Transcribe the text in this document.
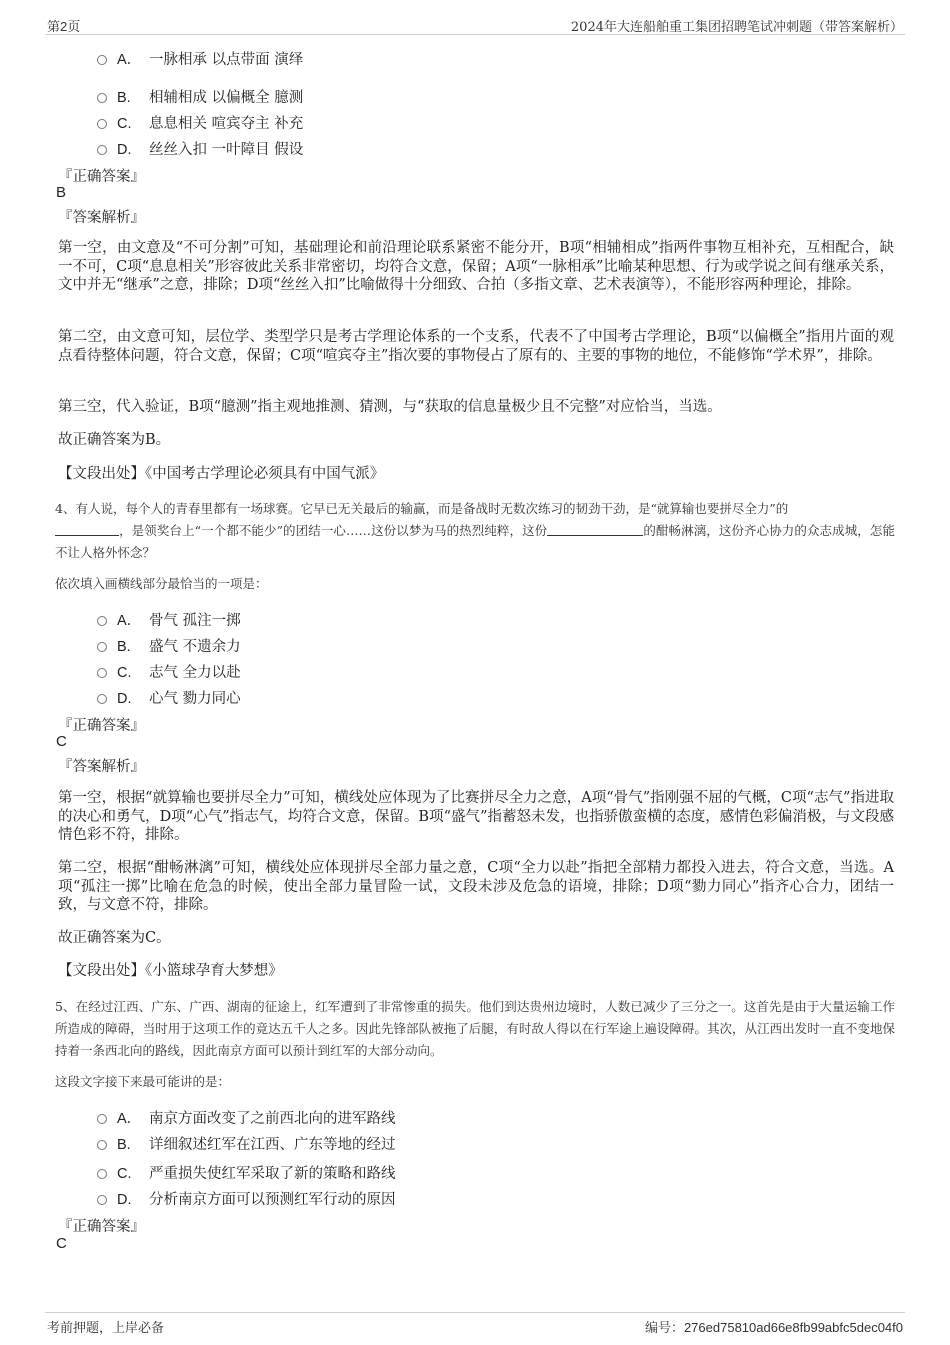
第2页	2024年大连船舶重工集团招聘笔试冲刺题（带答案解析）
A． 一脉相承 以点带面 演绎
B. 相辅相成 以偏概全 臆测
C. 息息相关 喧宾夺主 补充
D. 丝丝入扣 一叶障目 假设
『正确答案』
B
『答案解析』
第一空，由文意及“不可分割”可知，基础理论和前沿理论联系紧密不能分开，B项“相辅相成”指两件事物互相补充，互相配合，缺一不可，C项“息息相关”形容彼此关系非常密切，均符合文意，保留；A项“一脉相承”比喻某种思想、行为或学说之间有继承关系，文中并无“继承”之意，排除；D项“丝丝入扣”比喻做得十分细致、合拍（多指文章、艺术表演等），不能形容两种理论，排除。
第二空，由文意可知，层位学、类型学只是考古学理论体系的一个支系，代表不了中国考古学理论，B项“以偏概全”指用片面的观点看待整体问题，符合文意，保留；C项“喧宾夺主”指次要的事物侵占了原有的、主要的事物的地位，不能修饰“学术界”，排除。
第三空，代入验证，B项“臆测”指主观地推测、猜测，与“获取的信息量极少且不完整”对应恰当，当选。
故正确答案为B。
【文段出处】《中国考古学理论必须具有中国气派》
4、有人说，每个人的青春里都有一场球赛。它早已无关最后的输赢，而是备战时无数次练习的韧劲干劲，是“就算输也要拼尽全力”的
，是领奖台上“一个都不能少”的团结一心……这份以梦为马的热烈纯粹，这份	的酣畅淋漓，这份齐心协力的众志成城，怎能不让人格外怀念？
依次填入画横线部分最恰当的一项是：
A． 骨气 孤注一掷
B. 盛气 不遗余力
C. 志气 全力以赴
D. 心气 勠力同心
『正确答案』
C
『答案解析』
第一空，根据“就算输也要拼尽全力”可知，横线处应体现为了比赛拼尽全力之意，A项“骨气”指刚强不屈的气概，C项“志气”指进取的决心和勇气，D项“心气”指志气，均符合文意，保留。B项“盛气”指蓄怒未发，也指骄傲蛮横的态度，感情色彩偏消极，与文段感情色彩不符，排除。
第二空，根据“酣畅淋漓”可知，横线处应体现拼尽全部力量之意，C项“全力以赴”指把全部精力都投入进去，符合文意，当选。A项“孤注一掷”比喻在危急的时候，使出全部力量冒险一试，文段未涉及危急的语境，排除；D项“勠力同心”指齐心合力，团结一致，与文意不符，排除。
故正确答案为C。
【文段出处】《小篮球孕育大梦想》
5、在经过江西、广东、广西、湖南的征途上，红军遭到了非常惨重的损失。他们到达贵州边境时，人数已减少了三分之一。这首先是由于大量运输工作所造成的障碍，当时用于这项工作的竟达五千人之多。因此先锋部队被拖了后腿，有时敌人得以在行军途上遍设障碍。其次，从江西出发时一直不变地保持着一条西北向的路线，因此南京方面可以预计到红军的大部分动向。
这段文字接下来最可能讲的是：
A． 南京方面改变了之前西北向的进军路线
B. 详细叙述红军在江西、广东等地的经过
C. 严重损失使红军采取了新的策略和路线
D. 分析南京方面可以预测红军行动的原因
『正确答案』
C
考前押题，上岸必备	编号：276ed75810ad66e8fb99abfc5dec04f0
